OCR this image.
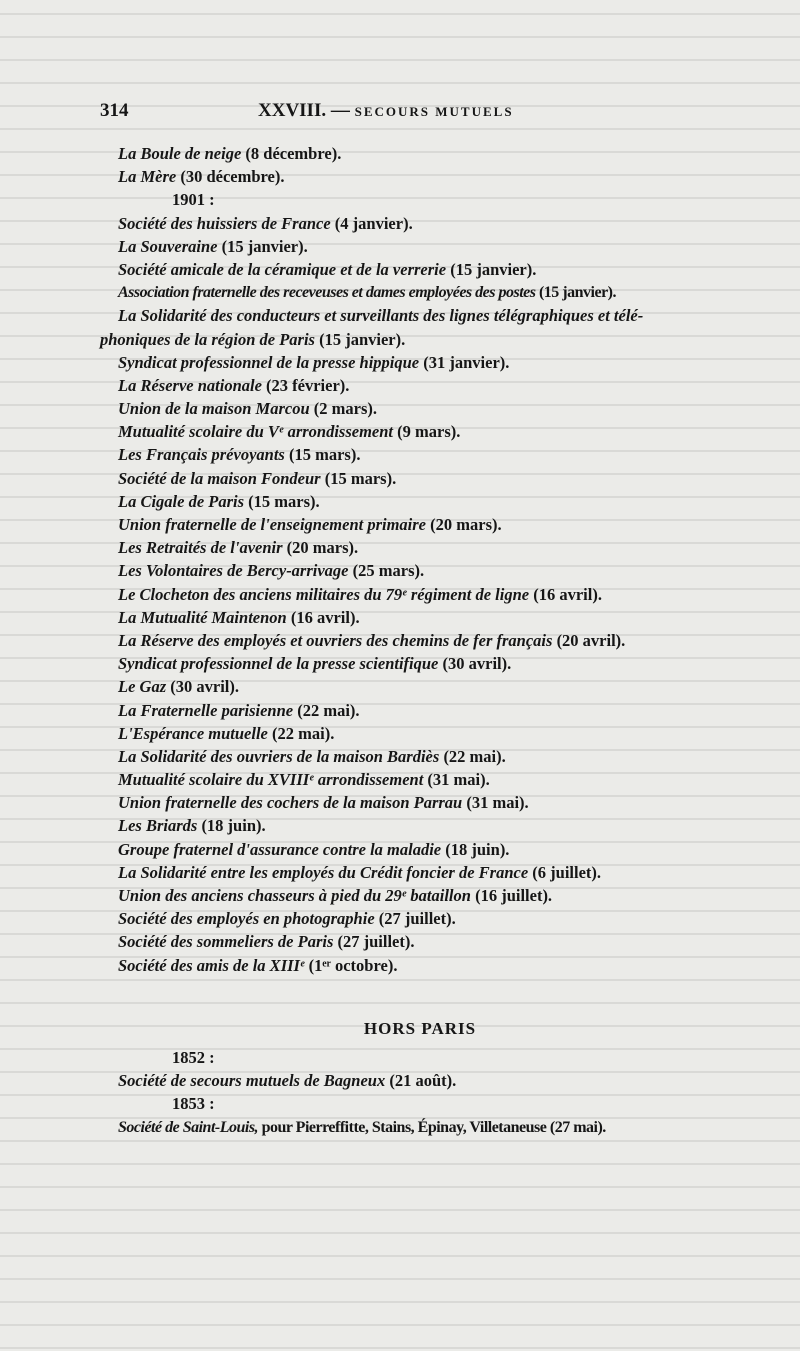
314	XXVIII. — SECOURS MUTUELS
La Boule de neige (8 décembre).
La Mère (30 décembre).
1901 :
Société des huissiers de France (4 janvier).
La Souveraine (15 janvier).
Société amicale de la céramique et de la verrerie (15 janvier).
Association fraternelle des receveuses et dames employées des postes (15 janvier).
La Solidarité des conducteurs et surveillants des lignes télégraphiques et télé-
phoniques de la région de Paris (15 janvier).
Syndicat professionnel de la presse hippique (31 janvier).
La Réserve nationale (23 février).
Union de la maison Marcou (2 mars).
Mutualité scolaire du Vᵉ arrondissement (9 mars).
Les Français prévoyants (15 mars).
Société de la maison Fondeur (15 mars).
La Cigale de Paris (15 mars).
Union fraternelle de l'enseignement primaire (20 mars).
Les Retraités de l'avenir (20 mars).
Les Volontaires de Bercy-arrivage (25 mars).
Le Clocheton des anciens militaires du 79ᵉ régiment de ligne (16 avril).
La Mutualité Maintenon (16 avril).
La Réserve des employés et ouvriers des chemins de fer français (20 avril).
Syndicat professionnel de la presse scientifique (30 avril).
Le Gaz (30 avril).
La Fraternelle parisienne (22 mai).
L'Espérance mutuelle (22 mai).
La Solidarité des ouvriers de la maison Bardiès (22 mai).
Mutualité scolaire du XVIIIᵉ arrondissement (31 mai).
Union fraternelle des cochers de la maison Parrau (31 mai).
Les Briards (18 juin).
Groupe fraternel d'assurance contre la maladie (18 juin).
La Solidarité entre les employés du Crédit foncier de France (6 juillet).
Union des anciens chasseurs à pied du 29ᵉ bataillon (16 juillet).
Société des employés en photographie (27 juillet).
Société des sommeliers de Paris (27 juillet).
Société des amis de la XIIIᵉ (1ᵉʳ octobre).
HORS PARIS
1852 :
Société de secours mutuels de Bagneux (21 août).
1853 :
Société de Saint-Louis, pour Pierreffitte, Stains, Épinay, Villetaneuse (27 mai).
